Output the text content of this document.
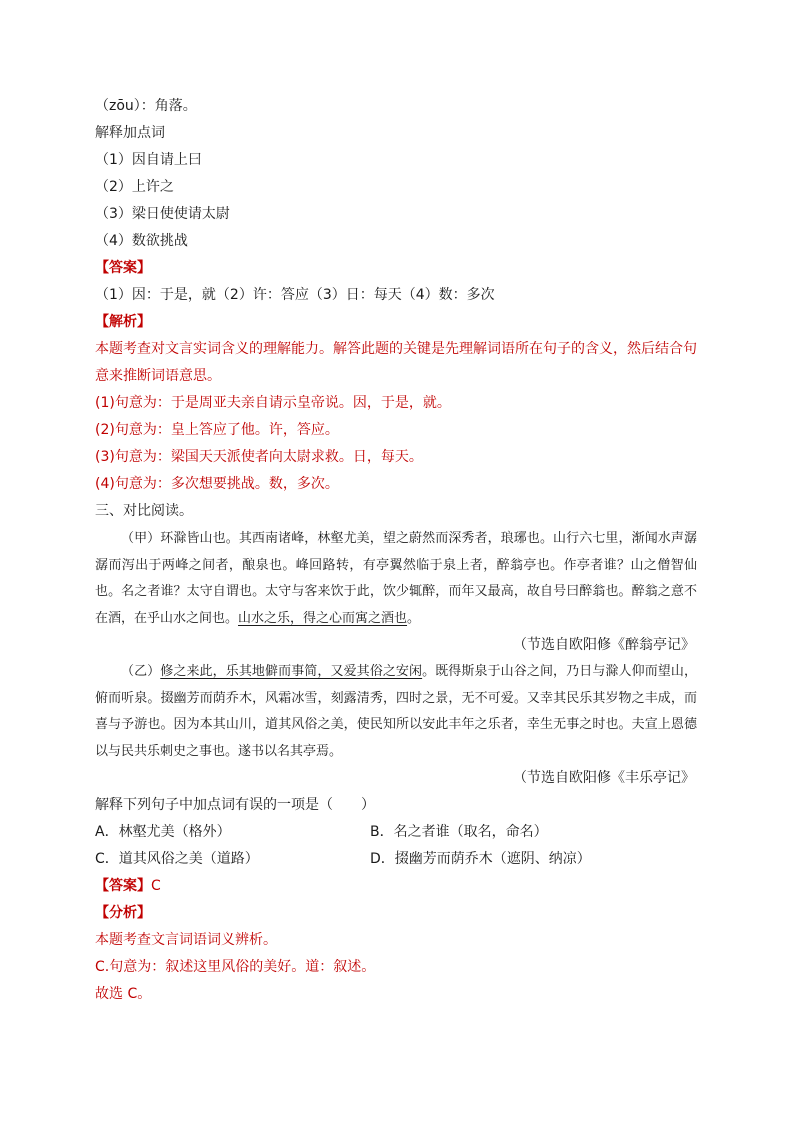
（zōu）：角落。
解释加点词
（1）因自请上曰
（2）上许之
（3）梁日使使请太尉
（4）数欲挑战
【答案】
（1）因：于是，就（2）许：答应（3）日：每天（4）数：多次
【解析】
本题考查对文言实词含义的理解能力。解答此题的关键是先理解词语所在句子的含义，然后结合句意来推断词语意思。
(1)句意为：于是周亚夫亲自请示皇帝说。因，于是，就。
(2)句意为：皇上答应了他。许，答应。
(3)句意为：梁国天天派使者向太尉求救。日，每天。
(4)句意为：多次想要挑战。数，多次。
三、对比阅读。
（甲）环滁皆山也。其西南诸峰，林壑尤美，望之蔚然而深秀者，琅琊也。山行六七里，渐闻水声潺潺而泻出于两峰之间者，酿泉也。峰回路转，有亭翼然临于泉上者，醉翁亭也。作亭者谁？山之僧智仙也。名之者谁？太守自谓也。太守与客来饮于此，饮少辄醉，而年又最高，故自号曰醉翁也。醉翁之意不在酒，在乎山水之间也。山水之乐，得之心而寓之酒也。
（节选自欧阳修《醉翁亭记》
（乙）修之来此，乐其地僻而事简，又爱其俗之安闲。既得斯泉于山谷之间，乃日与滁人仰而望山，俯而听泉。掇幽芳而荫乔木，风霜冰雪，刻露清秀，四时之景，无不可爱。又幸其民乐其岁物之丰成，而喜与予游也。因为本其山川，道其风俗之美，使民知所以安此丰年之乐者，幸生无事之时也。夫宣上恩德以与民共乐刺史之事也。遂书以名其亭焉。
（节选自欧阳修《丰乐亭记》
解释下列句子中加点词有误的一项是（　　）
A．林壑尤美（格外）	B．名之者谁（取名，命名）
C．道其风俗之美（道路）	D．掇幽芳而荫乔木（遮阴、纳凉）
【答案】C
【分析】
本题考查文言词语词义辨析。
C.句意为：叙述这里风俗的美好。道：叙述。
故选 C。
